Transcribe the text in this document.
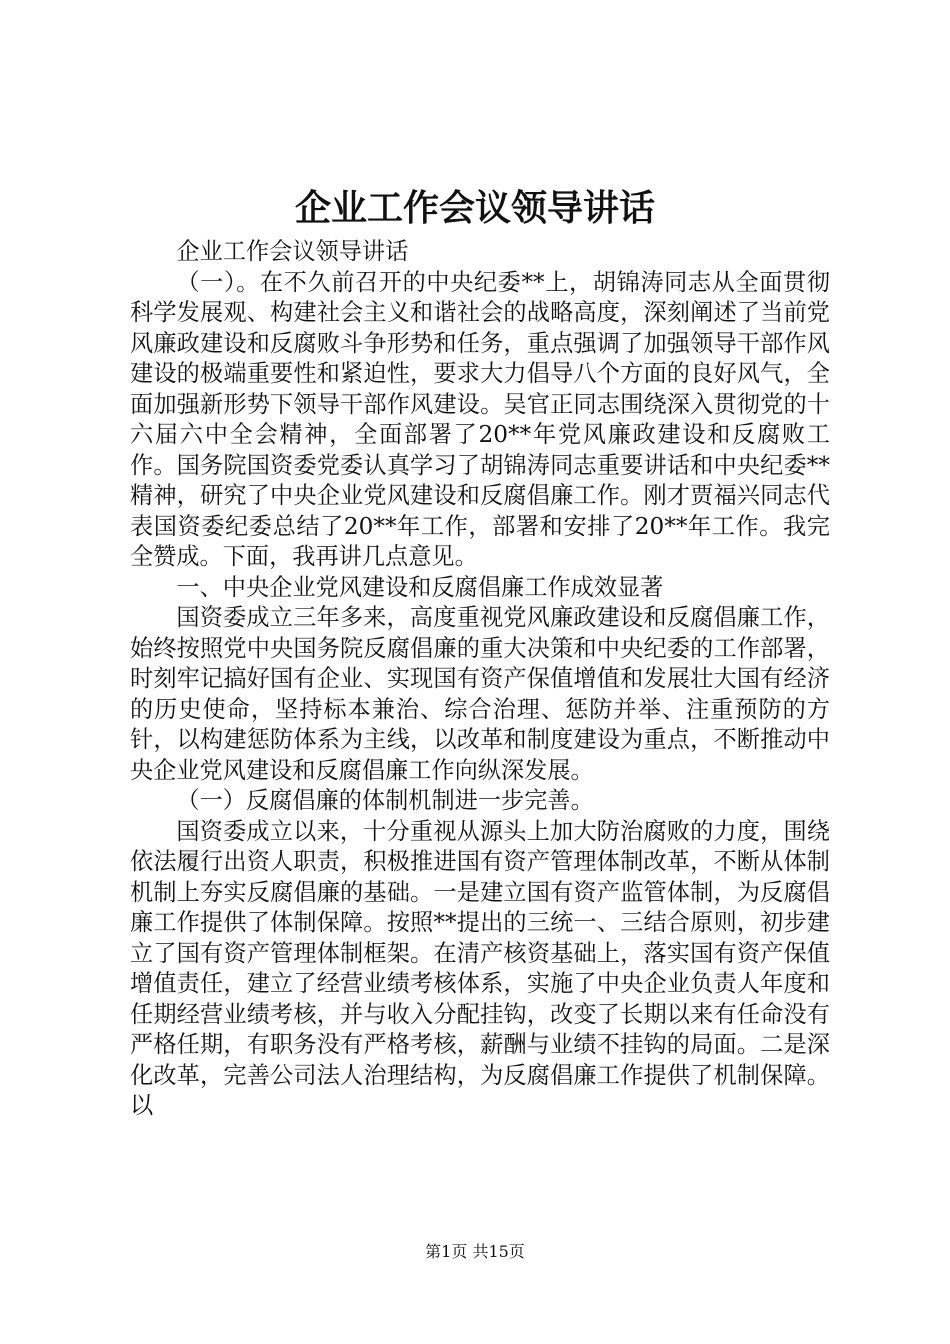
企业工作会议领导讲话

企业工作会议领导讲话

（一）。在不久前召开的中央纪委**上，胡锦涛同志从全面贯彻科学发展观、构建社会主义和谐社会的战略高度，深刻阐述了当前党风廉政建设和反腐败斗争形势和任务，重点强调了加强领导干部作风建设的极端重要性和紧迫性，要求大力倡导八个方面的良好风气，全面加强新形势下领导干部作风建设。吴官正同志围绕深入贯彻党的十六届六中全会精神，全面部署了20**年党风廉政建设和反腐败工作。国务院国资委党委认真学习了胡锦涛同志重要讲话和中央纪委**精神，研究了中央企业党风建设和反腐倡廉工作。刚才贾福兴同志代表国资委纪委总结了20**年工作，部署和安排了20**年工作。我完全赞成。下面，我再讲几点意见。

一、中央企业党风建设和反腐倡廉工作成效显著

国资委成立三年多来，高度重视党风廉政建设和反腐倡廉工作，始终按照党中央国务院反腐倡廉的重大决策和中央纪委的工作部署，时刻牢记搞好国有企业、实现国有资产保值增值和发展壮大国有经济的历史使命，坚持标本兼治、综合治理、惩防并举、注重预防的方针，以构建惩防体系为主线，以改革和制度建设为重点，不断推动中央企业党风建设和反腐倡廉工作向纵深发展。

（一）反腐倡廉的体制机制进一步完善。

国资委成立以来，十分重视从源头上加大防治腐败的力度，围绕依法履行出资人职责，积极推进国有资产管理体制改革，不断从体制机制上夯实反腐倡廉的基础。一是建立国有资产监管体制，为反腐倡廉工作提供了体制保障。按照**提出的三统一、三结合原则，初步建立了国有资产管理体制框架。在清产核资基础上，落实国有资产保值增值责任，建立了经营业绩考核体系，实施了中央企业负责人年度和任期经营业绩考核，并与收入分配挂钩，改变了长期以来有任命没有严格任期，有职务没有严格考核，薪酬与业绩不挂钩的局面。二是深化改革，完善公司法人治理结构，为反腐倡廉工作提供了机制保障。以

第1页 共15页
